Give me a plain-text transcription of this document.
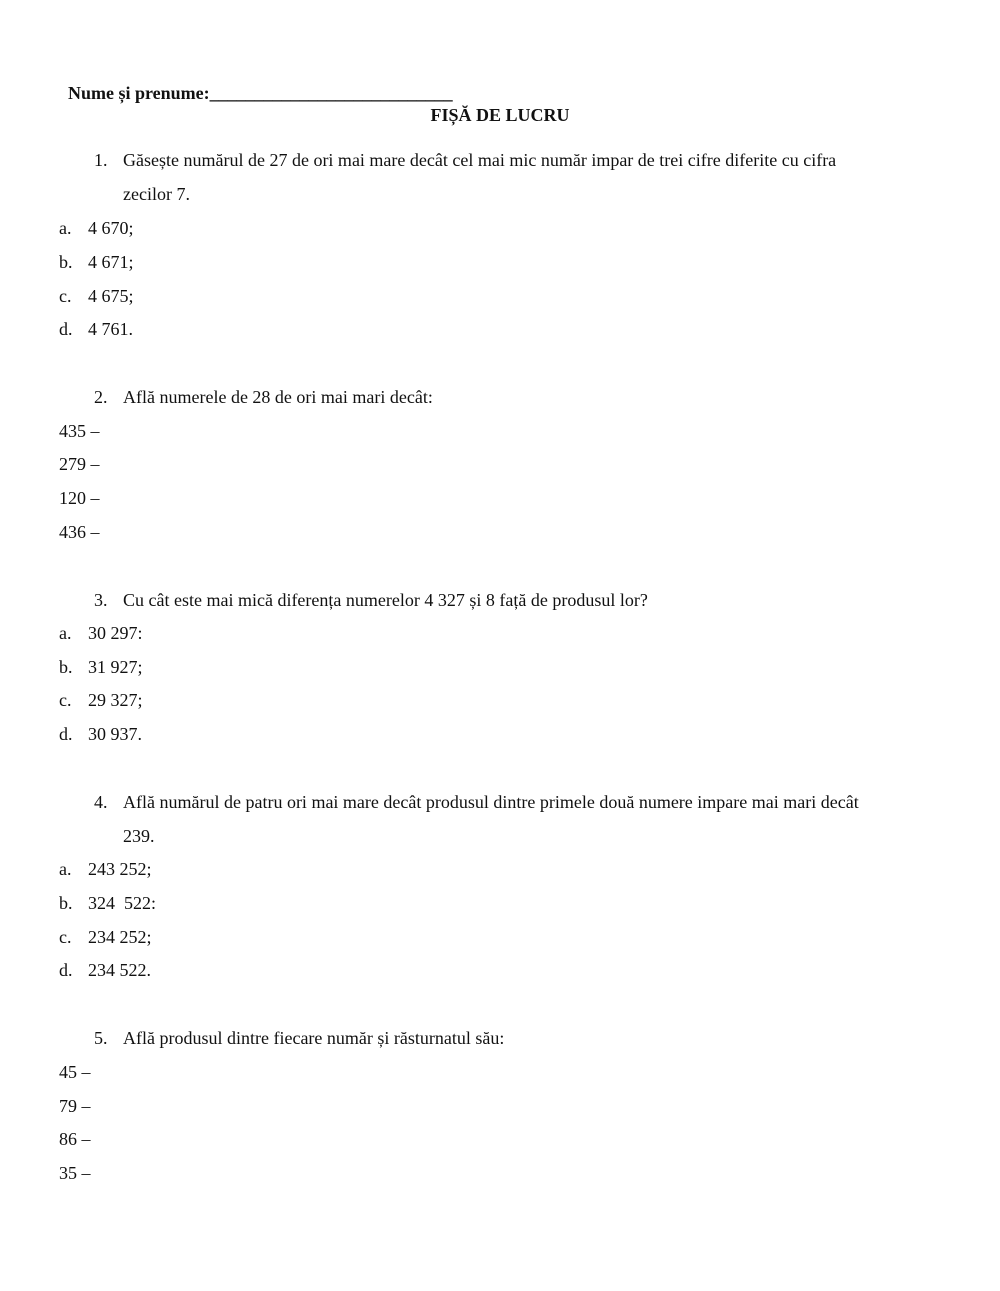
Nume și prenume:___________________________

FIȘĂ DE LUCRU
1. Găsește numărul de 27 de ori mai mare decât cel mai mic număr impar de trei cifre diferite cu cifra
zecilor 7.
a. 4 670;
b. 4 671;
c. 4 675;
d. 4 761.
2. Află numerele de 28 de ori mai mari decât:
435 –
279 –
120 –
436 –
3. Cu cât este mai mică diferența numerelor 4 327 și 8 față de produsul lor?
a. 30 297:
b. 31 927;
c. 29 327;
d. 30 937.
4. Află numărul de patru ori mai mare decât produsul dintre primele două numere impare mai mari decât
239.
a. 243 252;
b. 324  522:
c. 234 252;
d. 234 522.
5. Află produsul dintre fiecare număr și răsturnatul său:
45 –
79 –
86 –
35 –
